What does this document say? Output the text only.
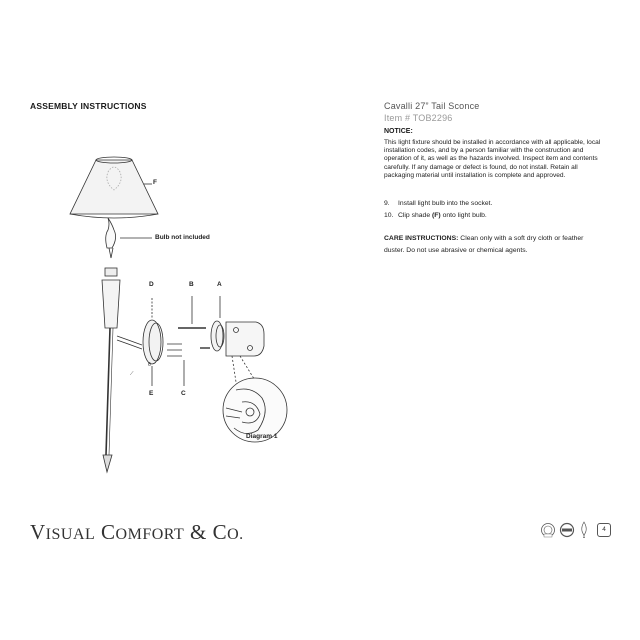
ASSEMBLY INSTRUCTIONS
6
⟋
F
Bulb not included
D	B	A
E	C
Diagram 1
Cavalli 27” Tail Sconce
Item # TOB2296
NOTICE:
This light fixture should be installed in accordance with all applicable, local installation codes, and by a person familiar with the construction and operation of it, as well as the hazards involved. Inspect item and contents carefully. If any damage or defect is found, do not install. Retain all packaging material until installation is complete and approved.
9. Install light bulb into the socket.
10. Clip shade (F) onto light bulb.
CARE INSTRUCTIONS: Clean only with a soft dry cloth or feather duster. Do not use abrasive or chemical agents.
VISUAL COMFORT & CO.	4
